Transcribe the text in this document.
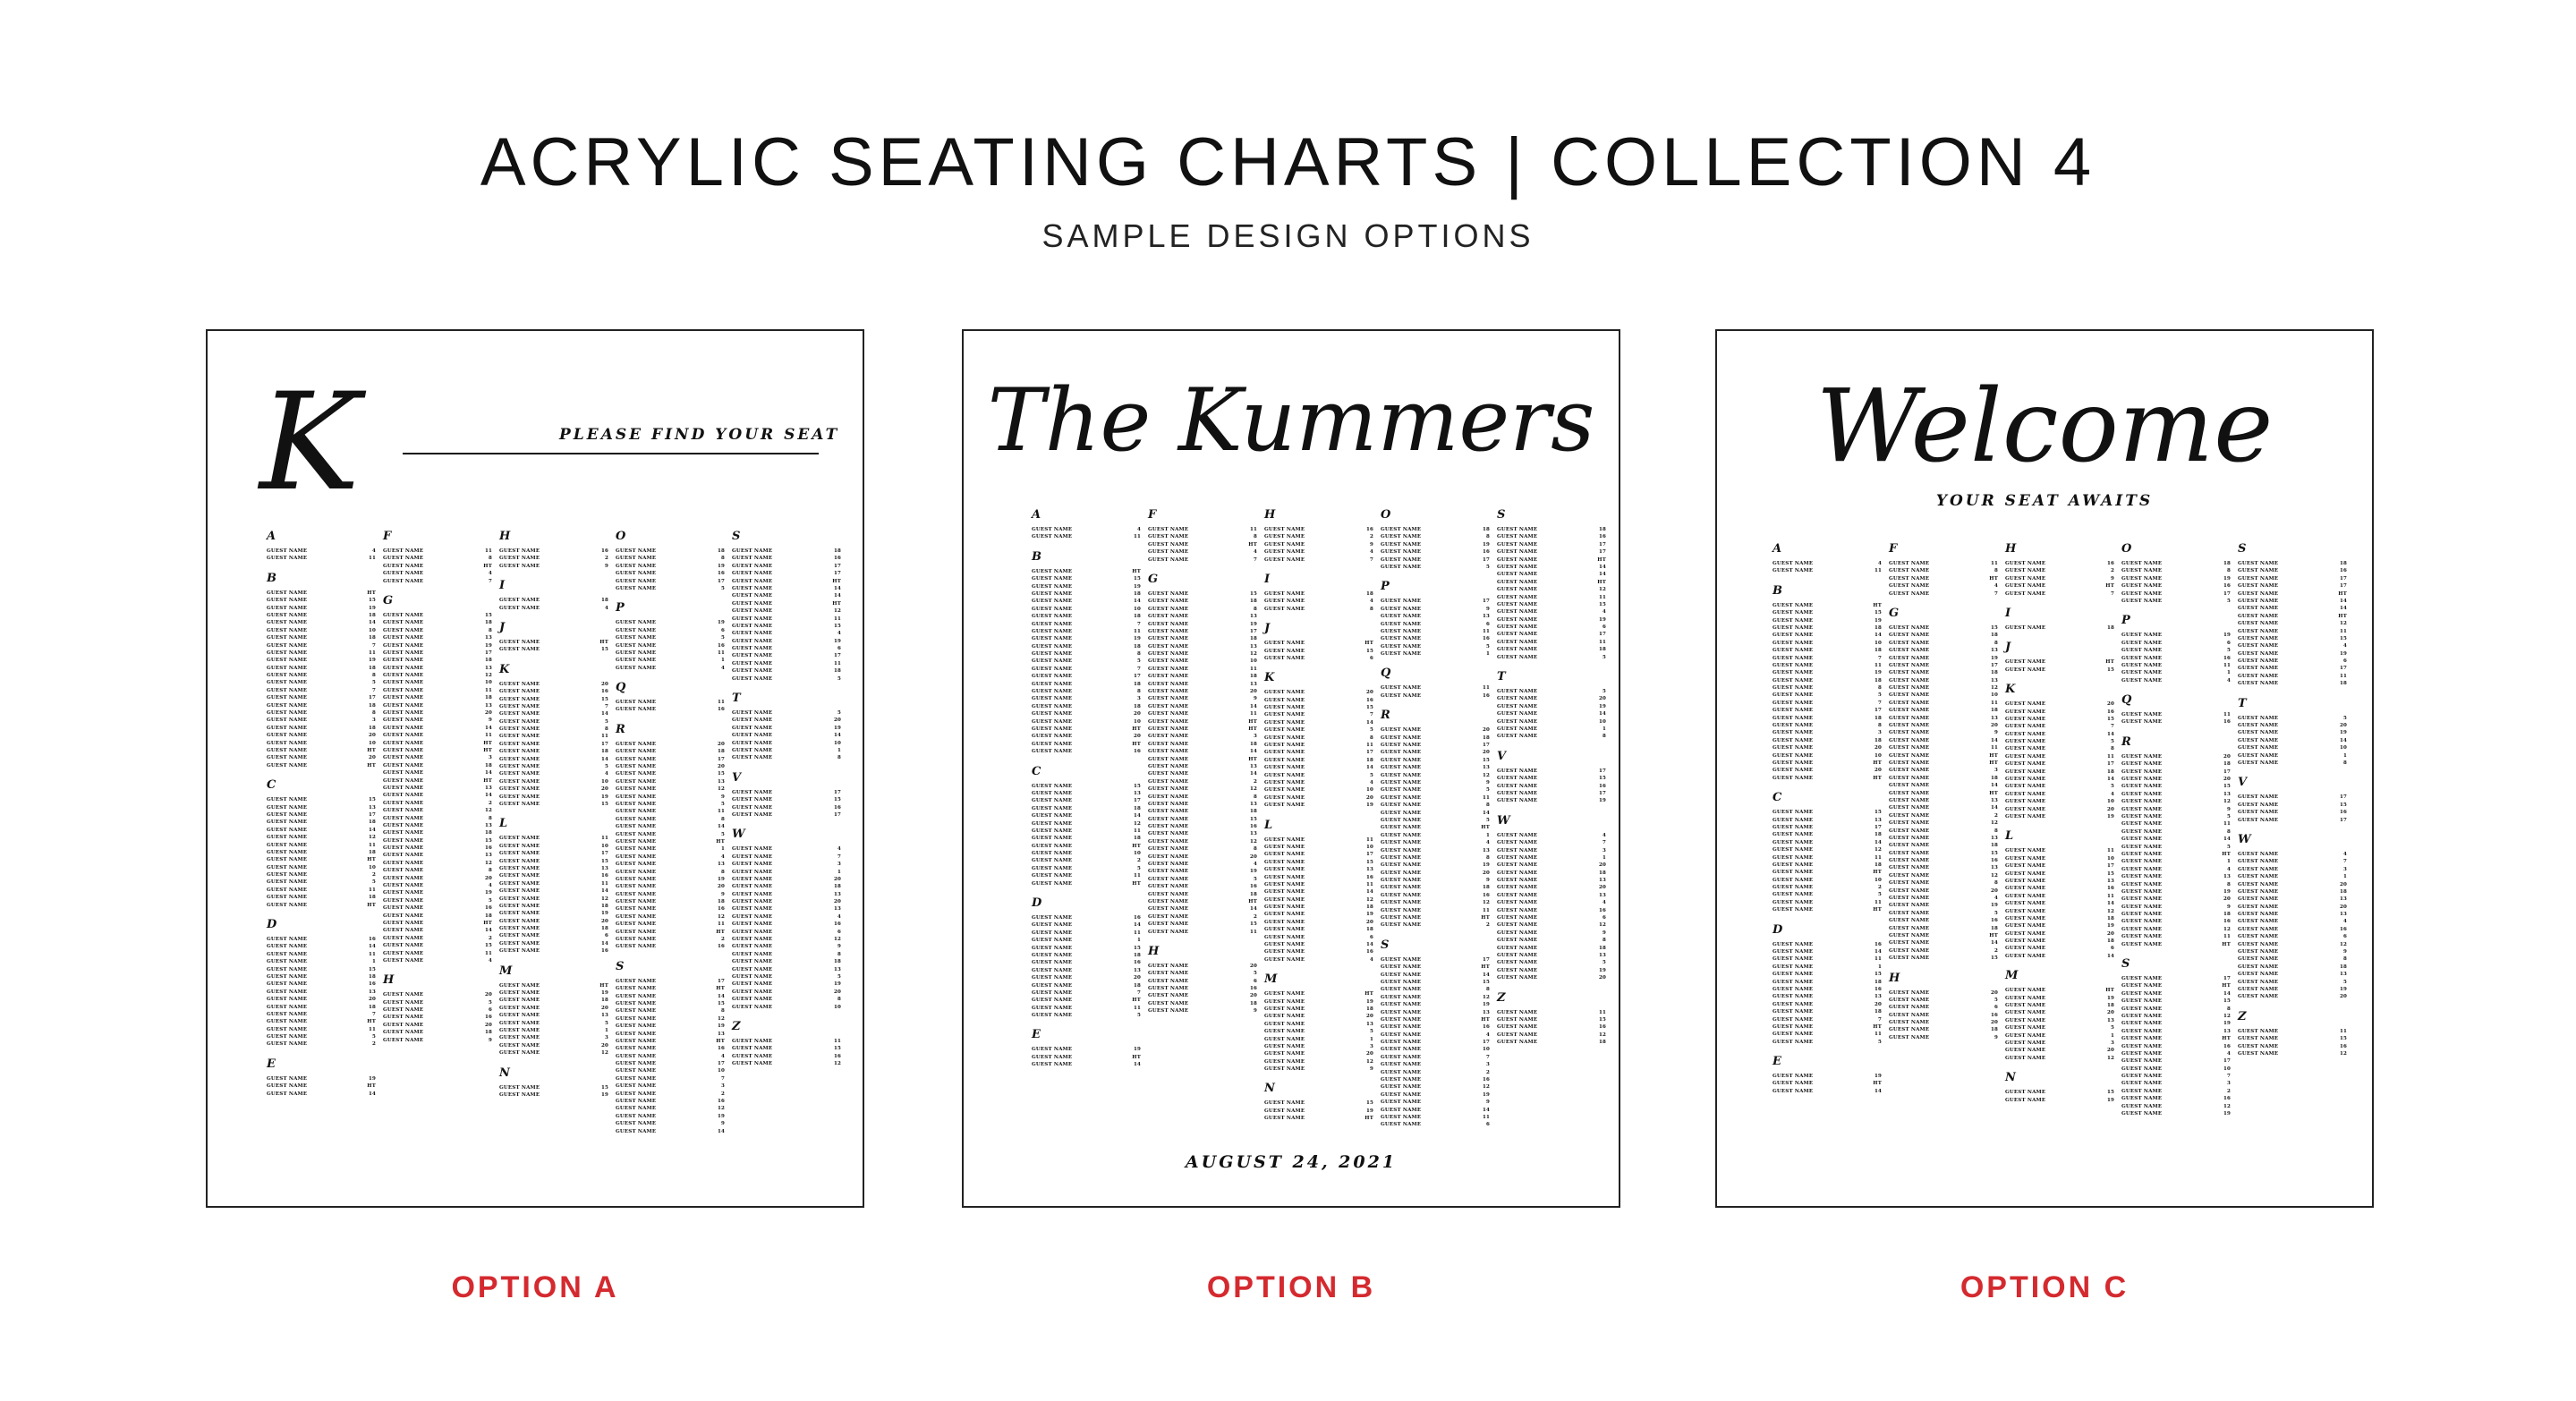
ACRYLIC SEATING CHARTS | COLLECTION 4
SAMPLE DESIGN OPTIONS
K	PLEASE FIND YOUR SEAT
A
GUEST NAME	4
GUEST NAME	11
B
GUEST NAME	HT
GUEST NAME	15
GUEST NAME	19
GUEST NAME	18
GUEST NAME	14
GUEST NAME	10
GUEST NAME	18
GUEST NAME	7
GUEST NAME	11
GUEST NAME	19
GUEST NAME	18
GUEST NAME	8
GUEST NAME	5
GUEST NAME	7
GUEST NAME	17
GUEST NAME	18
GUEST NAME	8
GUEST NAME	3
GUEST NAME	18
GUEST NAME	20
GUEST NAME	10
GUEST NAME	HT
GUEST NAME	20
GUEST NAME	HT
C
GUEST NAME	15
GUEST NAME	13
GUEST NAME	17
GUEST NAME	18
GUEST NAME	14
GUEST NAME	12
GUEST NAME	11
GUEST NAME	18
GUEST NAME	HT
GUEST NAME	10
GUEST NAME	2
GUEST NAME	5
GUEST NAME	11
GUEST NAME	18
GUEST NAME	HT
D
GUEST NAME	16
GUEST NAME	14
GUEST NAME	11
GUEST NAME	1
GUEST NAME	15
GUEST NAME	18
GUEST NAME	16
GUEST NAME	13
GUEST NAME	20
GUEST NAME	18
GUEST NAME	7
GUEST NAME	HT
GUEST NAME	11
GUEST NAME	5
GUEST NAME	2
E
GUEST NAME	19
GUEST NAME	HT
GUEST NAME	14
F
GUEST NAME	11
GUEST NAME	8
GUEST NAME	HT
GUEST NAME	4
GUEST NAME	7
G
GUEST NAME	15
GUEST NAME	18
GUEST NAME	8
GUEST NAME	13
GUEST NAME	19
GUEST NAME	17
GUEST NAME	18
GUEST NAME	13
GUEST NAME	12
GUEST NAME	10
GUEST NAME	11
GUEST NAME	18
GUEST NAME	13
GUEST NAME	20
GUEST NAME	9
GUEST NAME	14
GUEST NAME	11
GUEST NAME	HT
GUEST NAME	HT
GUEST NAME	3
GUEST NAME	18
GUEST NAME	14
GUEST NAME	HT
GUEST NAME	13
GUEST NAME	14
GUEST NAME	2
GUEST NAME	12
GUEST NAME	8
GUEST NAME	13
GUEST NAME	18
GUEST NAME	15
GUEST NAME	16
GUEST NAME	13
GUEST NAME	12
GUEST NAME	8
GUEST NAME	20
GUEST NAME	4
GUEST NAME	19
GUEST NAME	5
GUEST NAME	16
GUEST NAME	18
GUEST NAME	HT
GUEST NAME	14
GUEST NAME	2
GUEST NAME	15
GUEST NAME	11
GUEST NAME	4
H
GUEST NAME	20
GUEST NAME	5
GUEST NAME	6
GUEST NAME	16
GUEST NAME	20
GUEST NAME	18
GUEST NAME	9
H
GUEST NAME	16
GUEST NAME	2
GUEST NAME	9
I
GUEST NAME	18
GUEST NAME	4
J
GUEST NAME	HT
GUEST NAME	15
K
GUEST NAME	20
GUEST NAME	16
GUEST NAME	15
GUEST NAME	7
GUEST NAME	14
GUEST NAME	5
GUEST NAME	8
GUEST NAME	11
GUEST NAME	17
GUEST NAME	18
GUEST NAME	14
GUEST NAME	5
GUEST NAME	4
GUEST NAME	10
GUEST NAME	20
GUEST NAME	19
GUEST NAME	15
L
GUEST NAME	11
GUEST NAME	10
GUEST NAME	17
GUEST NAME	15
GUEST NAME	13
GUEST NAME	16
GUEST NAME	11
GUEST NAME	14
GUEST NAME	12
GUEST NAME	18
GUEST NAME	19
GUEST NAME	20
GUEST NAME	18
GUEST NAME	6
GUEST NAME	14
GUEST NAME	16
M
GUEST NAME	HT
GUEST NAME	19
GUEST NAME	18
GUEST NAME	20
GUEST NAME	13
GUEST NAME	5
GUEST NAME	1
GUEST NAME	3
GUEST NAME	20
GUEST NAME	12
N
GUEST NAME	15
GUEST NAME	19
O
GUEST NAME	18
GUEST NAME	8
GUEST NAME	19
GUEST NAME	16
GUEST NAME	17
GUEST NAME	5
P
GUEST NAME	19
GUEST NAME	6
GUEST NAME	5
GUEST NAME	16
GUEST NAME	11
GUEST NAME	1
GUEST NAME	4
Q
GUEST NAME	11
GUEST NAME	16
R
GUEST NAME	20
GUEST NAME	18
GUEST NAME	17
GUEST NAME	20
GUEST NAME	15
GUEST NAME	13
GUEST NAME	12
GUEST NAME	9
GUEST NAME	5
GUEST NAME	11
GUEST NAME	8
GUEST NAME	14
GUEST NAME	5
GUEST NAME	HT
GUEST NAME	1
GUEST NAME	4
GUEST NAME	13
GUEST NAME	8
GUEST NAME	19
GUEST NAME	20
GUEST NAME	9
GUEST NAME	18
GUEST NAME	16
GUEST NAME	12
GUEST NAME	11
GUEST NAME	HT
GUEST NAME	2
GUEST NAME	16
S
GUEST NAME	17
GUEST NAME	HT
GUEST NAME	14
GUEST NAME	15
GUEST NAME	8
GUEST NAME	12
GUEST NAME	19
GUEST NAME	13
GUEST NAME	HT
GUEST NAME	16
GUEST NAME	4
GUEST NAME	17
GUEST NAME	10
GUEST NAME	7
GUEST NAME	3
GUEST NAME	2
GUEST NAME	16
GUEST NAME	12
GUEST NAME	19
GUEST NAME	9
GUEST NAME	14
S
GUEST NAME	18
GUEST NAME	16
GUEST NAME	17
GUEST NAME	17
GUEST NAME	HT
GUEST NAME	14
GUEST NAME	14
GUEST NAME	HT
GUEST NAME	12
GUEST NAME	11
GUEST NAME	15
GUEST NAME	4
GUEST NAME	19
GUEST NAME	6
GUEST NAME	17
GUEST NAME	11
GUEST NAME	18
GUEST NAME	5
T
GUEST NAME	5
GUEST NAME	20
GUEST NAME	19
GUEST NAME	14
GUEST NAME	10
GUEST NAME	1
GUEST NAME	8
V
GUEST NAME	17
GUEST NAME	15
GUEST NAME	16
GUEST NAME	17
W
GUEST NAME	4
GUEST NAME	7
GUEST NAME	3
GUEST NAME	1
GUEST NAME	20
GUEST NAME	18
GUEST NAME	13
GUEST NAME	20
GUEST NAME	13
GUEST NAME	4
GUEST NAME	16
GUEST NAME	6
GUEST NAME	12
GUEST NAME	9
GUEST NAME	8
GUEST NAME	18
GUEST NAME	13
GUEST NAME	5
GUEST NAME	19
GUEST NAME	20
GUEST NAME	8
GUEST NAME	10
Z
GUEST NAME	11
GUEST NAME	15
GUEST NAME	16
GUEST NAME	12
The Kummers
A
GUEST NAME	4
GUEST NAME	11
B
GUEST NAME	HT
GUEST NAME	15
GUEST NAME	19
GUEST NAME	18
GUEST NAME	14
GUEST NAME	10
GUEST NAME	18
GUEST NAME	7
GUEST NAME	11
GUEST NAME	19
GUEST NAME	18
GUEST NAME	8
GUEST NAME	5
GUEST NAME	7
GUEST NAME	17
GUEST NAME	18
GUEST NAME	8
GUEST NAME	3
GUEST NAME	18
GUEST NAME	20
GUEST NAME	10
GUEST NAME	HT
GUEST NAME	20
GUEST NAME	HT
GUEST NAME	16
C
GUEST NAME	15
GUEST NAME	13
GUEST NAME	17
GUEST NAME	18
GUEST NAME	14
GUEST NAME	12
GUEST NAME	11
GUEST NAME	18
GUEST NAME	HT
GUEST NAME	10
GUEST NAME	2
GUEST NAME	5
GUEST NAME	11
GUEST NAME	HT
D
GUEST NAME	16
GUEST NAME	14
GUEST NAME	11
GUEST NAME	1
GUEST NAME	15
GUEST NAME	18
GUEST NAME	16
GUEST NAME	13
GUEST NAME	20
GUEST NAME	18
GUEST NAME	7
GUEST NAME	HT
GUEST NAME	11
GUEST NAME	5
E
GUEST NAME	19
GUEST NAME	HT
GUEST NAME	14
F
GUEST NAME	11
GUEST NAME	8
GUEST NAME	HT
GUEST NAME	4
GUEST NAME	7
G
GUEST NAME	15
GUEST NAME	18
GUEST NAME	8
GUEST NAME	13
GUEST NAME	19
GUEST NAME	17
GUEST NAME	18
GUEST NAME	13
GUEST NAME	12
GUEST NAME	10
GUEST NAME	11
GUEST NAME	18
GUEST NAME	13
GUEST NAME	20
GUEST NAME	9
GUEST NAME	14
GUEST NAME	11
GUEST NAME	HT
GUEST NAME	HT
GUEST NAME	3
GUEST NAME	18
GUEST NAME	14
GUEST NAME	HT
GUEST NAME	13
GUEST NAME	14
GUEST NAME	2
GUEST NAME	12
GUEST NAME	8
GUEST NAME	13
GUEST NAME	18
GUEST NAME	15
GUEST NAME	16
GUEST NAME	13
GUEST NAME	12
GUEST NAME	8
GUEST NAME	20
GUEST NAME	4
GUEST NAME	19
GUEST NAME	5
GUEST NAME	16
GUEST NAME	18
GUEST NAME	HT
GUEST NAME	14
GUEST NAME	2
GUEST NAME	15
GUEST NAME	11
H
GUEST NAME	20
GUEST NAME	5
GUEST NAME	6
GUEST NAME	16
GUEST NAME	20
GUEST NAME	18
GUEST NAME	9
H
GUEST NAME	16
GUEST NAME	2
GUEST NAME	9
GUEST NAME	4
GUEST NAME	7
I
GUEST NAME	18
GUEST NAME	4
GUEST NAME	8
J
GUEST NAME	HT
GUEST NAME	15
GUEST NAME	6
K
GUEST NAME	20
GUEST NAME	16
GUEST NAME	15
GUEST NAME	7
GUEST NAME	14
GUEST NAME	5
GUEST NAME	8
GUEST NAME	11
GUEST NAME	17
GUEST NAME	18
GUEST NAME	14
GUEST NAME	5
GUEST NAME	4
GUEST NAME	10
GUEST NAME	20
GUEST NAME	19
L
GUEST NAME	11
GUEST NAME	10
GUEST NAME	17
GUEST NAME	15
GUEST NAME	13
GUEST NAME	16
GUEST NAME	11
GUEST NAME	14
GUEST NAME	12
GUEST NAME	18
GUEST NAME	19
GUEST NAME	20
GUEST NAME	18
GUEST NAME	6
GUEST NAME	14
GUEST NAME	16
GUEST NAME	4
M
GUEST NAME	HT
GUEST NAME	19
GUEST NAME	18
GUEST NAME	20
GUEST NAME	13
GUEST NAME	5
GUEST NAME	1
GUEST NAME	3
GUEST NAME	20
GUEST NAME	12
GUEST NAME	9
N
GUEST NAME	15
GUEST NAME	19
GUEST NAME	HT
O
GUEST NAME	18
GUEST NAME	8
GUEST NAME	19
GUEST NAME	16
GUEST NAME	17
GUEST NAME	5
P
GUEST NAME	17
GUEST NAME	9
GUEST NAME	13
GUEST NAME	6
GUEST NAME	11
GUEST NAME	16
GUEST NAME	5
GUEST NAME	1
Q
GUEST NAME	11
GUEST NAME	16
R
GUEST NAME	20
GUEST NAME	18
GUEST NAME	17
GUEST NAME	20
GUEST NAME	15
GUEST NAME	13
GUEST NAME	12
GUEST NAME	9
GUEST NAME	5
GUEST NAME	11
GUEST NAME	8
GUEST NAME	14
GUEST NAME	5
GUEST NAME	HT
GUEST NAME	1
GUEST NAME	4
GUEST NAME	13
GUEST NAME	8
GUEST NAME	19
GUEST NAME	20
GUEST NAME	9
GUEST NAME	18
GUEST NAME	16
GUEST NAME	12
GUEST NAME	11
GUEST NAME	HT
GUEST NAME	2
S
GUEST NAME	17
GUEST NAME	HT
GUEST NAME	14
GUEST NAME	15
GUEST NAME	8
GUEST NAME	12
GUEST NAME	19
GUEST NAME	13
GUEST NAME	HT
GUEST NAME	16
GUEST NAME	4
GUEST NAME	17
GUEST NAME	10
GUEST NAME	7
GUEST NAME	3
GUEST NAME	2
GUEST NAME	16
GUEST NAME	12
GUEST NAME	19
GUEST NAME	9
GUEST NAME	14
GUEST NAME	11
GUEST NAME	6
S
GUEST NAME	18
GUEST NAME	16
GUEST NAME	17
GUEST NAME	17
GUEST NAME	HT
GUEST NAME	14
GUEST NAME	14
GUEST NAME	HT
GUEST NAME	12
GUEST NAME	11
GUEST NAME	15
GUEST NAME	4
GUEST NAME	19
GUEST NAME	6
GUEST NAME	17
GUEST NAME	11
GUEST NAME	18
GUEST NAME	5
T
GUEST NAME	5
GUEST NAME	20
GUEST NAME	19
GUEST NAME	14
GUEST NAME	10
GUEST NAME	1
GUEST NAME	8
V
GUEST NAME	17
GUEST NAME	15
GUEST NAME	16
GUEST NAME	17
GUEST NAME	19
W
GUEST NAME	4
GUEST NAME	7
GUEST NAME	3
GUEST NAME	1
GUEST NAME	20
GUEST NAME	18
GUEST NAME	13
GUEST NAME	20
GUEST NAME	13
GUEST NAME	4
GUEST NAME	16
GUEST NAME	6
GUEST NAME	12
GUEST NAME	9
GUEST NAME	8
GUEST NAME	18
GUEST NAME	13
GUEST NAME	5
GUEST NAME	19
GUEST NAME	20
Z
GUEST NAME	11
GUEST NAME	15
GUEST NAME	16
GUEST NAME	12
GUEST NAME	18
AUGUST 24, 2021
Welcome
YOUR SEAT AWAITS
A
GUEST NAME	4
GUEST NAME	11
B
GUEST NAME	HT
GUEST NAME	15
GUEST NAME	19
GUEST NAME	18
GUEST NAME	14
GUEST NAME	10
GUEST NAME	18
GUEST NAME	7
GUEST NAME	11
GUEST NAME	19
GUEST NAME	18
GUEST NAME	8
GUEST NAME	5
GUEST NAME	7
GUEST NAME	17
GUEST NAME	18
GUEST NAME	8
GUEST NAME	3
GUEST NAME	18
GUEST NAME	20
GUEST NAME	10
GUEST NAME	HT
GUEST NAME	20
GUEST NAME	HT
C
GUEST NAME	15
GUEST NAME	13
GUEST NAME	17
GUEST NAME	18
GUEST NAME	14
GUEST NAME	12
GUEST NAME	11
GUEST NAME	18
GUEST NAME	HT
GUEST NAME	10
GUEST NAME	2
GUEST NAME	5
GUEST NAME	11
GUEST NAME	HT
D
GUEST NAME	16
GUEST NAME	14
GUEST NAME	11
GUEST NAME	1
GUEST NAME	15
GUEST NAME	18
GUEST NAME	16
GUEST NAME	13
GUEST NAME	20
GUEST NAME	18
GUEST NAME	7
GUEST NAME	HT
GUEST NAME	11
GUEST NAME	5
E
GUEST NAME	19
GUEST NAME	HT
GUEST NAME	14
F
GUEST NAME	11
GUEST NAME	8
GUEST NAME	HT
GUEST NAME	4
GUEST NAME	7
G
GUEST NAME	15
GUEST NAME	18
GUEST NAME	8
GUEST NAME	13
GUEST NAME	19
GUEST NAME	17
GUEST NAME	18
GUEST NAME	13
GUEST NAME	12
GUEST NAME	10
GUEST NAME	11
GUEST NAME	18
GUEST NAME	13
GUEST NAME	20
GUEST NAME	9
GUEST NAME	14
GUEST NAME	11
GUEST NAME	HT
GUEST NAME	HT
GUEST NAME	3
GUEST NAME	18
GUEST NAME	14
GUEST NAME	HT
GUEST NAME	13
GUEST NAME	14
GUEST NAME	2
GUEST NAME	12
GUEST NAME	8
GUEST NAME	13
GUEST NAME	18
GUEST NAME	15
GUEST NAME	16
GUEST NAME	13
GUEST NAME	12
GUEST NAME	8
GUEST NAME	20
GUEST NAME	4
GUEST NAME	19
GUEST NAME	5
GUEST NAME	16
GUEST NAME	18
GUEST NAME	HT
GUEST NAME	14
GUEST NAME	2
GUEST NAME	15
H
GUEST NAME	20
GUEST NAME	5
GUEST NAME	6
GUEST NAME	16
GUEST NAME	20
GUEST NAME	18
GUEST NAME	9
H
GUEST NAME	16
GUEST NAME	2
GUEST NAME	9
GUEST NAME	HT
GUEST NAME	7
I
GUEST NAME	18
J
GUEST NAME	HT
GUEST NAME	15
K
GUEST NAME	20
GUEST NAME	16
GUEST NAME	15
GUEST NAME	7
GUEST NAME	14
GUEST NAME	5
GUEST NAME	8
GUEST NAME	11
GUEST NAME	17
GUEST NAME	18
GUEST NAME	14
GUEST NAME	5
GUEST NAME	4
GUEST NAME	10
GUEST NAME	20
GUEST NAME	19
L
GUEST NAME	11
GUEST NAME	10
GUEST NAME	17
GUEST NAME	15
GUEST NAME	13
GUEST NAME	16
GUEST NAME	11
GUEST NAME	14
GUEST NAME	12
GUEST NAME	18
GUEST NAME	19
GUEST NAME	20
GUEST NAME	18
GUEST NAME	6
GUEST NAME	14
M
GUEST NAME	HT
GUEST NAME	19
GUEST NAME	18
GUEST NAME	20
GUEST NAME	13
GUEST NAME	5
GUEST NAME	1
GUEST NAME	3
GUEST NAME	20
GUEST NAME	12
N
GUEST NAME	15
GUEST NAME	19
O
GUEST NAME	18
GUEST NAME	8
GUEST NAME	19
GUEST NAME	16
GUEST NAME	17
GUEST NAME	5
P
GUEST NAME	19
GUEST NAME	6
GUEST NAME	5
GUEST NAME	16
GUEST NAME	11
GUEST NAME	1
GUEST NAME	4
Q
GUEST NAME	11
GUEST NAME	16
R
GUEST NAME	20
GUEST NAME	18
GUEST NAME	17
GUEST NAME	20
GUEST NAME	15
GUEST NAME	13
GUEST NAME	12
GUEST NAME	9
GUEST NAME	5
GUEST NAME	11
GUEST NAME	8
GUEST NAME	14
GUEST NAME	5
GUEST NAME	HT
GUEST NAME	1
GUEST NAME	4
GUEST NAME	13
GUEST NAME	8
GUEST NAME	19
GUEST NAME	20
GUEST NAME	9
GUEST NAME	18
GUEST NAME	16
GUEST NAME	12
GUEST NAME	11
GUEST NAME	HT
S
GUEST NAME	17
GUEST NAME	HT
GUEST NAME	14
GUEST NAME	15
GUEST NAME	8
GUEST NAME	12
GUEST NAME	19
GUEST NAME	13
GUEST NAME	HT
GUEST NAME	16
GUEST NAME	4
GUEST NAME	17
GUEST NAME	10
GUEST NAME	7
GUEST NAME	3
GUEST NAME	2
GUEST NAME	16
GUEST NAME	12
GUEST NAME	19
S
GUEST NAME	18
GUEST NAME	16
GUEST NAME	17
GUEST NAME	17
GUEST NAME	HT
GUEST NAME	14
GUEST NAME	14
GUEST NAME	HT
GUEST NAME	12
GUEST NAME	11
GUEST NAME	15
GUEST NAME	4
GUEST NAME	19
GUEST NAME	6
GUEST NAME	17
GUEST NAME	11
GUEST NAME	18
T
GUEST NAME	5
GUEST NAME	20
GUEST NAME	19
GUEST NAME	14
GUEST NAME	10
GUEST NAME	1
GUEST NAME	8
V
GUEST NAME	17
GUEST NAME	15
GUEST NAME	16
GUEST NAME	17
W
GUEST NAME	4
GUEST NAME	7
GUEST NAME	3
GUEST NAME	1
GUEST NAME	20
GUEST NAME	18
GUEST NAME	13
GUEST NAME	20
GUEST NAME	13
GUEST NAME	4
GUEST NAME	16
GUEST NAME	6
GUEST NAME	12
GUEST NAME	9
GUEST NAME	8
GUEST NAME	18
GUEST NAME	13
GUEST NAME	5
GUEST NAME	19
GUEST NAME	20
Z
GUEST NAME	11
GUEST NAME	15
GUEST NAME	16
GUEST NAME	12
OPTION A	OPTION B	OPTION C
